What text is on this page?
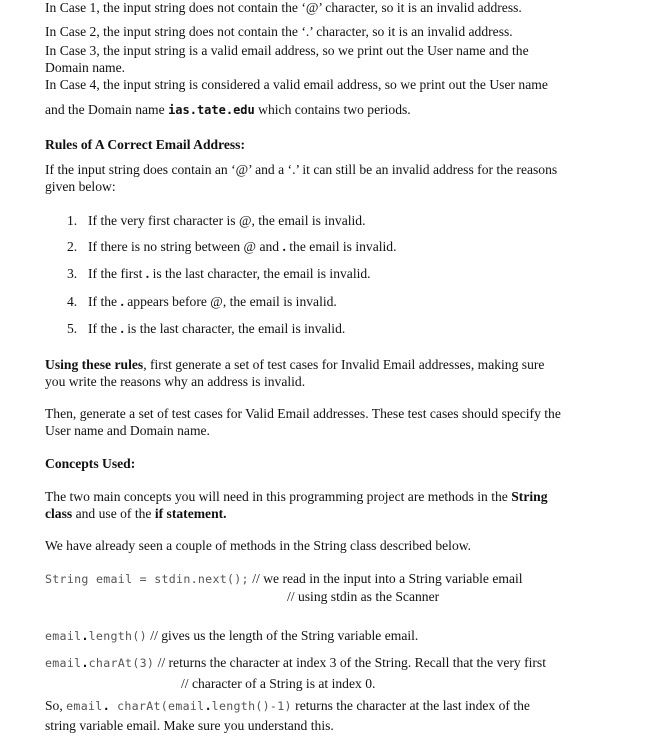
In Case 1, the input string does not contain the ‘@’ character, so it is an invalid address.
In Case 2, the input string does not contain the ‘.’ character, so it is an invalid address.
In Case 3, the input string is a valid email address, so we print out the User name and the
Domain name.
In Case 4, the input string is considered a valid email address, so we print out the User name
and the Domain name ias.tate.edu which contains two periods.
Rules of A Correct Email Address:
If the input string does contain an ‘@’ and a ‘.’ it can still be an invalid address for the reasons
given below:
1. If the very first character is @, the email is invalid.
2. If there is no string between @ and . the email is invalid.
3. If the first . is the last character, the email is invalid.
4. If the . appears before @, the email is invalid.
5. If the . is the last character, the email is invalid.
Using these rules, first generate a set of test cases for Invalid Email addresses, making sure
you write the reasons why an address is invalid.
Then, generate a set of test cases for Valid Email addresses. These test cases should specify the
User name and Domain name.
Concepts Used:
The two main concepts you will need in this programming project are methods in the String
class and use of the if statement.
We have already seen a couple of methods in the String class described below.
String email = stdin.next(); // we read in the input into a String variable email
// using stdin as the Scanner
email.length() // gives us the length of the String variable email.
email.charAt(3) // returns the character at index 3 of the String. Recall that the very first
// character of a String is at index 0.
So, email. charAt(email.length()-1) returns the character at the last index of the
string variable email. Make sure you understand this.
